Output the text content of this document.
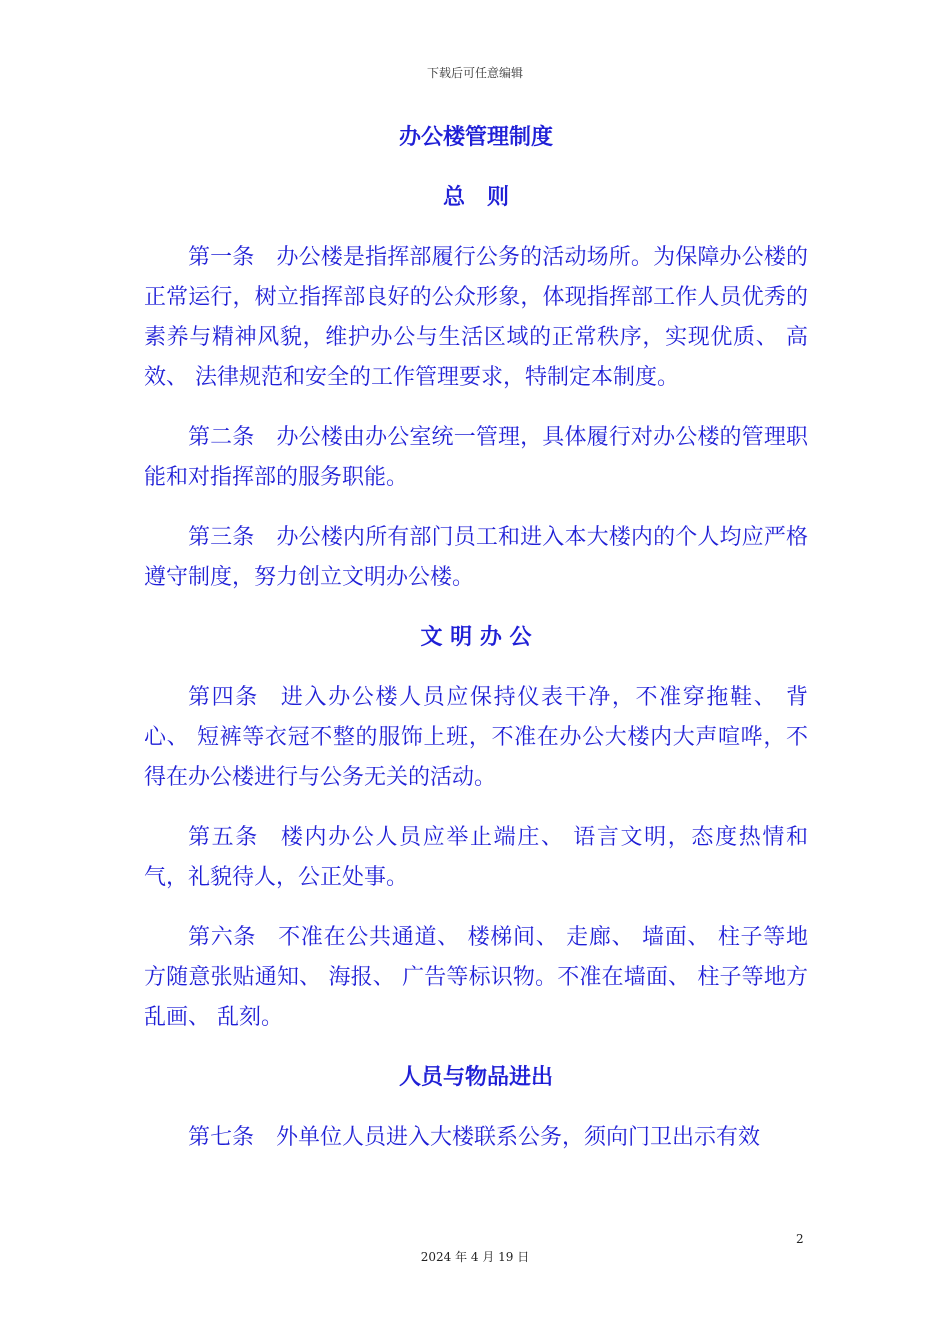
下载后可任意编辑
办公楼管理制度
总　则

第一条 办公楼是指挥部履行公务的活动场所。为保障办公楼的正常运行，树立指挥部良好的公众形象，体现指挥部工作人员优秀的素养与精神风貌，维护办公与生活区域的正常秩序，实现优质、 高效、 法律规范和安全的工作管理要求，特制定本制度。

第二条 办公楼由办公室统一管理，具体履行对办公楼的管理职能和对指挥部的服务职能。

第三条 办公楼内所有部门员工和进入本大楼内的个人均应严格遵守制度，努力创立文明办公楼。

文 明 办 公

第四条 进入办公楼人员应保持仪表干净，不准穿拖鞋、 背心、 短裤等衣冠不整的服饰上班，不准在办公大楼内大声喧哗，不得在办公楼进行与公务无关的活动。

第五条 楼内办公人员应举止端庄、 语言文明，态度热情和气，礼貌待人，公正处事。

第六条 不准在公共通道、 楼梯间、 走廊、 墙面、 柱子等地方随意张贴通知、 海报、 广告等标识物。不准在墙面、 柱子等地方乱画、 乱刻。

人员与物品进出

第七条 外单位人员进入大楼联系公务，须向门卫出示有效

2
2024 年 4 月 19 日
